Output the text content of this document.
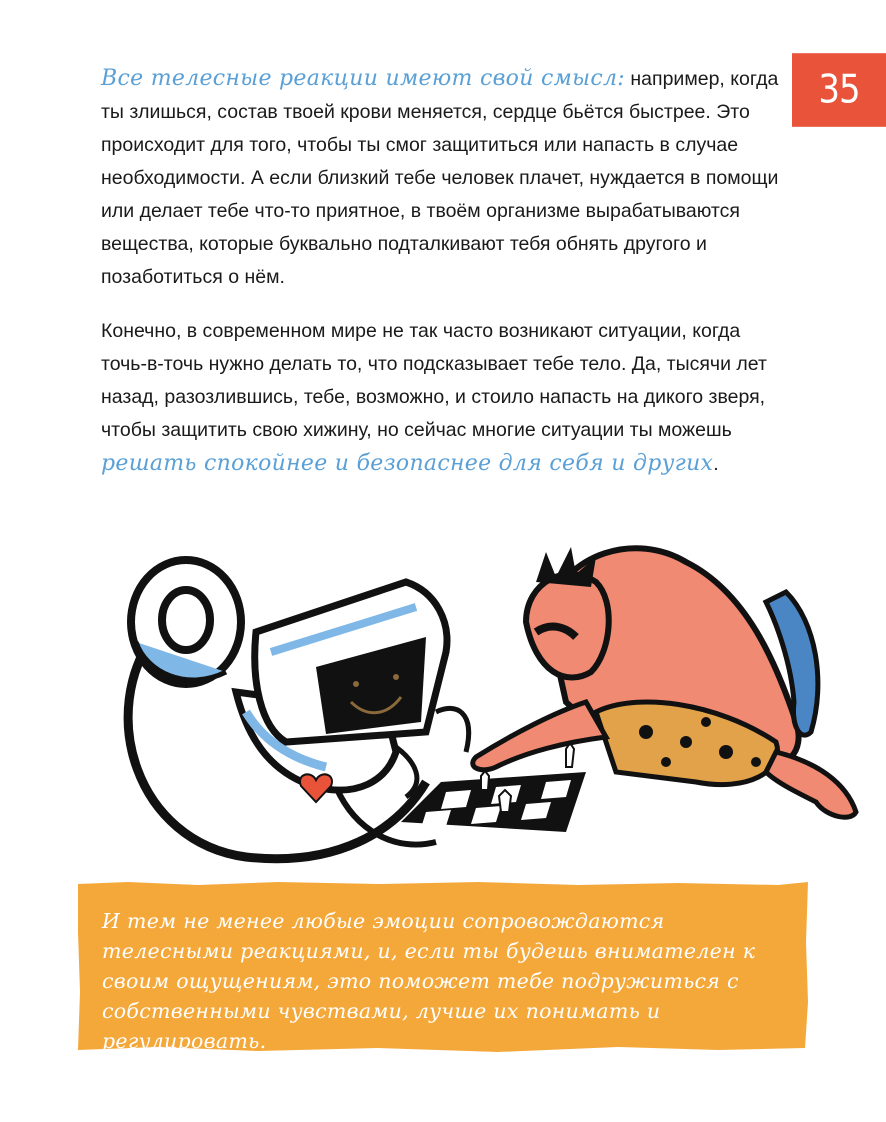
35

Все телесные реакции имеют свой смысл: например, когда ты злишься, состав твоей крови меняется, сердце бьётся быстрее. Это происходит для того, чтобы ты смог защититься или напасть в случае необходимости. А если близкий тебе человек плачет, нуждается в помощи или делает тебе что-то приятное, в твоём организме вырабатываются вещества, которые буквально подталкивают тебя обнять другого и позаботиться о нём.

Конечно, в современном мире не так часто возникают ситуации, когда точь-в-точь нужно делать то, что подсказывает тебе тело. Да, тысячи лет назад, разозлившись, тебе, возможно, и стоило напасть на дикого зверя, чтобы защитить свою хижину, но сейчас многие ситуации ты можешь решать спокойнее и безопаснее для себя и других.

И тем не менее любые эмоции сопровождаются телесными реакциями, и, если ты будешь внимателен к своим ощущениям, это поможет тебе подружиться с собственными чувствами, лучше их понимать и регулировать.
